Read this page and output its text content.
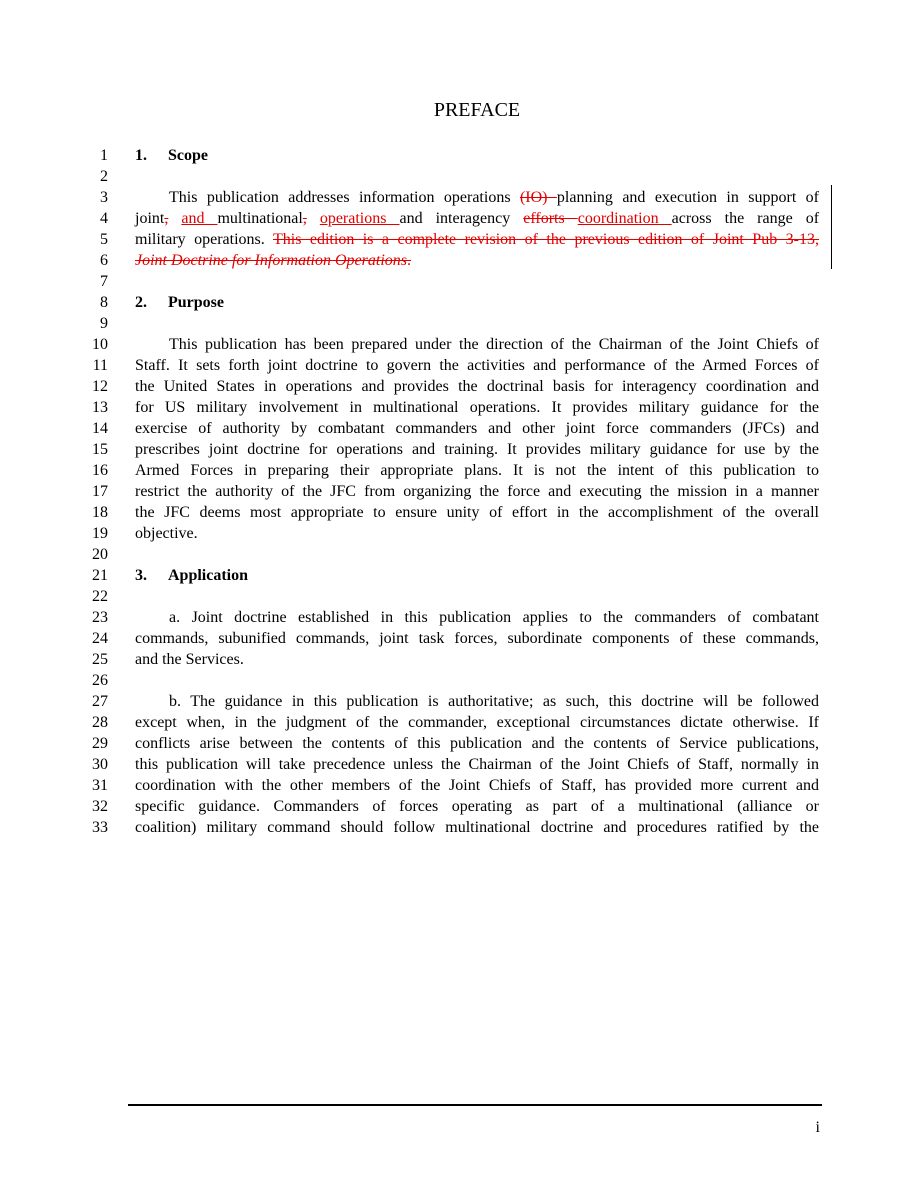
PREFACE
1
2
3
4
5
6
7
8
9
10
11
12
13
14
15
16
17
18
19
20
21
22
23
24
25
26
27
28
29
30
31
32
33
1. Scope
This publication addresses information operations (IO) planning and execution in support of
joint, and multinational, operations and interagency efforts coordination across the range of
military operations. This edition is a complete revision of the previous edition of Joint Pub 3-13,
Joint Doctrine for Information Operations.
2. Purpose
This publication has been prepared under the direction of the Chairman of the Joint Chiefs of
Staff. It sets forth joint doctrine to govern the activities and performance of the Armed Forces of
the United States in operations and provides the doctrinal basis for interagency coordination and
for US military involvement in multinational operations. It provides military guidance for the
exercise of authority by combatant commanders and other joint force commanders (JFCs) and
prescribes joint doctrine for operations and training. It provides military guidance for use by the
Armed Forces in preparing their appropriate plans. It is not the intent of this publication to
restrict the authority of the JFC from organizing the force and executing the mission in a manner
the JFC deems most appropriate to ensure unity of effort in the accomplishment of the overall
objective.
3. Application
a. Joint doctrine established in this publication applies to the commanders of combatant
commands, subunified commands, joint task forces, subordinate components of these commands,
and the Services.
b. The guidance in this publication is authoritative; as such, this doctrine will be followed
except when, in the judgment of the commander, exceptional circumstances dictate otherwise. If
conflicts arise between the contents of this publication and the contents of Service publications,
this publication will take precedence unless the Chairman of the Joint Chiefs of Staff, normally in
coordination with the other members of the Joint Chiefs of Staff, has provided more current and
specific guidance. Commanders of forces operating as part of a multinational (alliance or
coalition) military command should follow multinational doctrine and procedures ratified by the
i
